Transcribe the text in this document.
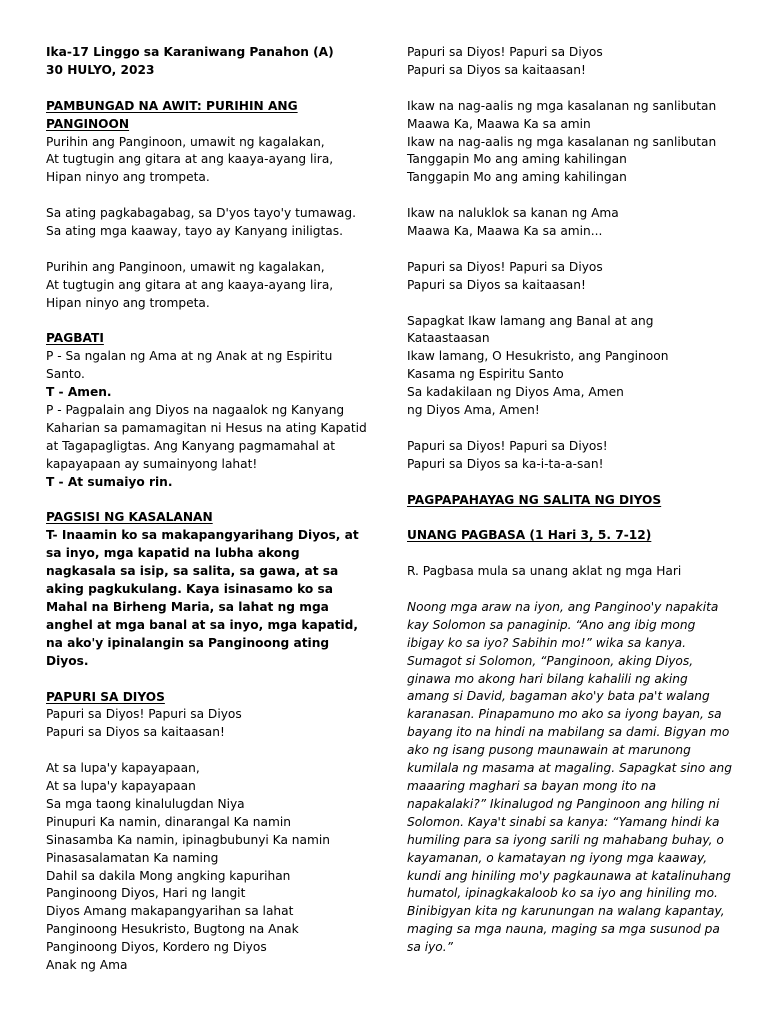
Ika-17 Linggo sa Karaniwang Panahon (A)
30 HULYO, 2023
PAMBUNGAD NA AWIT: PURIHIN ANG PANGINOON
Purihin ang Panginoon, umawit ng kagalakan,
At tugtugin ang gitara at ang kaaya-ayang lira,
Hipan ninyo ang trompeta.
Sa ating pagkabagabag, sa D'yos tayo'y tumawag.
Sa ating mga kaaway, tayo ay Kanyang iniligtas.
Purihin ang Panginoon, umawit ng kagalakan,
At tugtugin ang gitara at ang kaaya-ayang lira,
Hipan ninyo ang trompeta.
PAGBATI
P - Sa ngalan ng Ama at ng Anak at ng Espiritu Santo.
T - Amen.
P - Pagpalain ang Diyos na nagaalok ng Kanyang Kaharian sa pamamagitan ni Hesus na ating Kapatid at Tagapagligtas. Ang Kanyang pagmamahal at kapayapaan ay sumainyong lahat!
T - At sumaiyo rin.
PAGSISI NG KASALANAN
T- Inaamin ko sa makapangyarihang Diyos, at sa inyo, mga kapatid na lubha akong nagkasala sa isip, sa salita, sa gawa, at sa aking pagkukulang. Kaya isinasamo ko sa Mahal na Birheng Maria, sa lahat ng mga anghel at mga banal at sa inyo, mga kapatid, na ako'y ipinalangin sa Panginoong ating Diyos.
PAPURI SA DIYOS
Papuri sa Diyos! Papuri sa Diyos
Papuri sa Diyos sa kaitaasan!
At sa lupa'y kapayapaan,
At sa lupa'y kapayapaan
Sa mga taong kinalulugdan Niya
Pinupuri Ka namin, dinarangal Ka namin
Sinasamba Ka namin, ipinagbubunyi Ka namin
Pinasasalamatan Ka naming
Dahil sa dakila Mong angking kapurihan
Panginoong Diyos, Hari ng langit
Diyos Amang makapangyarihan sa lahat
Panginoong Hesukristo, Bugtong na Anak
Panginoong Diyos, Kordero ng Diyos
Anak ng Ama
Papuri sa Diyos! Papuri sa Diyos
Papuri sa Diyos sa kaitaasan!
Ikaw na nag-aalis ng mga kasalanan ng sanlibutan
Maawa Ka, Maawa Ka sa amin
Ikaw na nag-aalis ng mga kasalanan ng sanlibutan
Tanggapin Mo ang aming kahilingan
Tanggapin Mo ang aming kahilingan
Ikaw na naluklok sa kanan ng Ama
Maawa Ka, Maawa Ka sa amin...
Papuri sa Diyos! Papuri sa Diyos
Papuri sa Diyos sa kaitaasan!
Sapagkat Ikaw lamang ang Banal at ang
Kataastaasan
Ikaw lamang, O Hesukristo, ang Panginoon
Kasama ng Espiritu Santo
Sa kadakilaan ng Diyos Ama, Amen
ng Diyos Ama, Amen!
Papuri sa Diyos! Papuri sa Diyos!
Papuri sa Diyos sa ka-i-ta-a-san!
PAGPAPAHAYAG NG SALITA NG DIYOS
UNANG PAGBASA (1 Hari 3, 5. 7-12)
R. Pagbasa mula sa unang aklat ng mga Hari
Noong mga araw na iyon, ang Panginoo'y napakita kay Solomon sa panaginip. “Ano ang ibig mong ibigay ko sa iyo? Sabihin mo!” wika sa kanya. Sumagot si Solomon, “Panginoon, aking Diyos, ginawa mo akong hari bilang kahalili ng aking amang si David, bagaman ako'y bata pa't walang karanasan. Pinapamuno mo ako sa iyong bayan, sa bayang ito na hindi na mabilang sa dami. Bigyan mo ako ng isang pusong maunawain at marunong kumilala ng masama at magaling. Sapagkat sino ang maaaring maghari sa bayan mong ito na napakalaki?” Ikinalugod ng Panginoon ang hiling ni Solomon. Kaya't sinabi sa kanya: “Yamang hindi ka humiling para sa iyong sarili ng mahabang buhay, o kayamanan, o kamatayan ng iyong mga kaaway, kundi ang hiniling mo'y pagkaunawa at katalinuhang humatol, ipinagkakaloob ko sa iyo ang hiniling mo. Binibigyan kita ng karunungan na walang kapantay, maging sa mga nauna, maging sa mga susunod pa sa iyo.”
